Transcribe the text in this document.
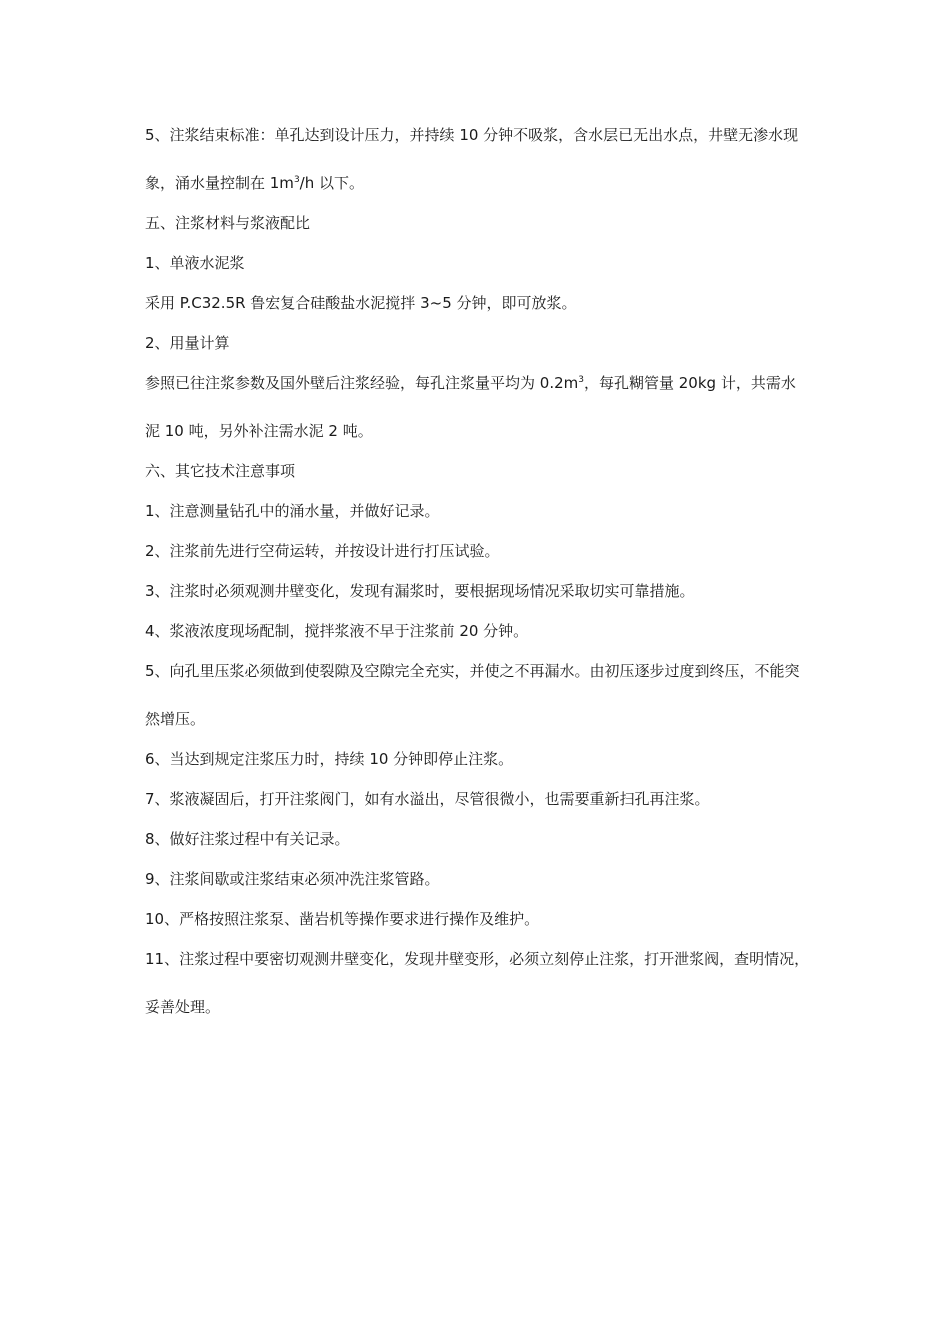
5、注浆结束标准：单孔达到设计压力，并持续 10 分钟不吸浆，含水层已无出水点，井壁无渗水现象，涌水量控制在 $1m^3/h$ 以下。

五、注浆材料与浆液配比

1、单液水泥浆

采用 P.C32.5R 鲁宏复合硅酸盐水泥搅拌 3~5 分钟，即可放浆。

2、用量计算

参照已往注浆参数及国外壁后注浆经验，每孔注浆量平均为 $0.2m^3$，每孔糊管量 20kg 计，共需水泥 10 吨，另外补注需水泥 2 吨。

六、其它技术注意事项

1、注意测量钻孔中的涌水量，并做好记录。

2、注浆前先进行空荷运转，并按设计进行打压试验。

3、注浆时必须观测井壁变化，发现有漏浆时，要根据现场情况采取切实可靠措施。

4、浆液浓度现场配制，搅拌浆液不早于注浆前 20 分钟。

5、向孔里压浆必须做到使裂隙及空隙完全充实，并使之不再漏水。由初压逐步过度到终压，不能突然增压。

6、当达到规定注浆压力时，持续 10 分钟即停止注浆。

7、浆液凝固后，打开注浆阀门，如有水溢出，尽管很微小，也需要重新扫孔再注浆。

8、做好注浆过程中有关记录。

9、注浆间歇或注浆结束必须冲洗注浆管路。

10、严格按照注浆泵、凿岩机等操作要求进行操作及维护。

11、注浆过程中要密切观测井壁变化，发现井壁变形，必须立刻停止注浆，打开泄浆阀，查明情况，妥善处理。
